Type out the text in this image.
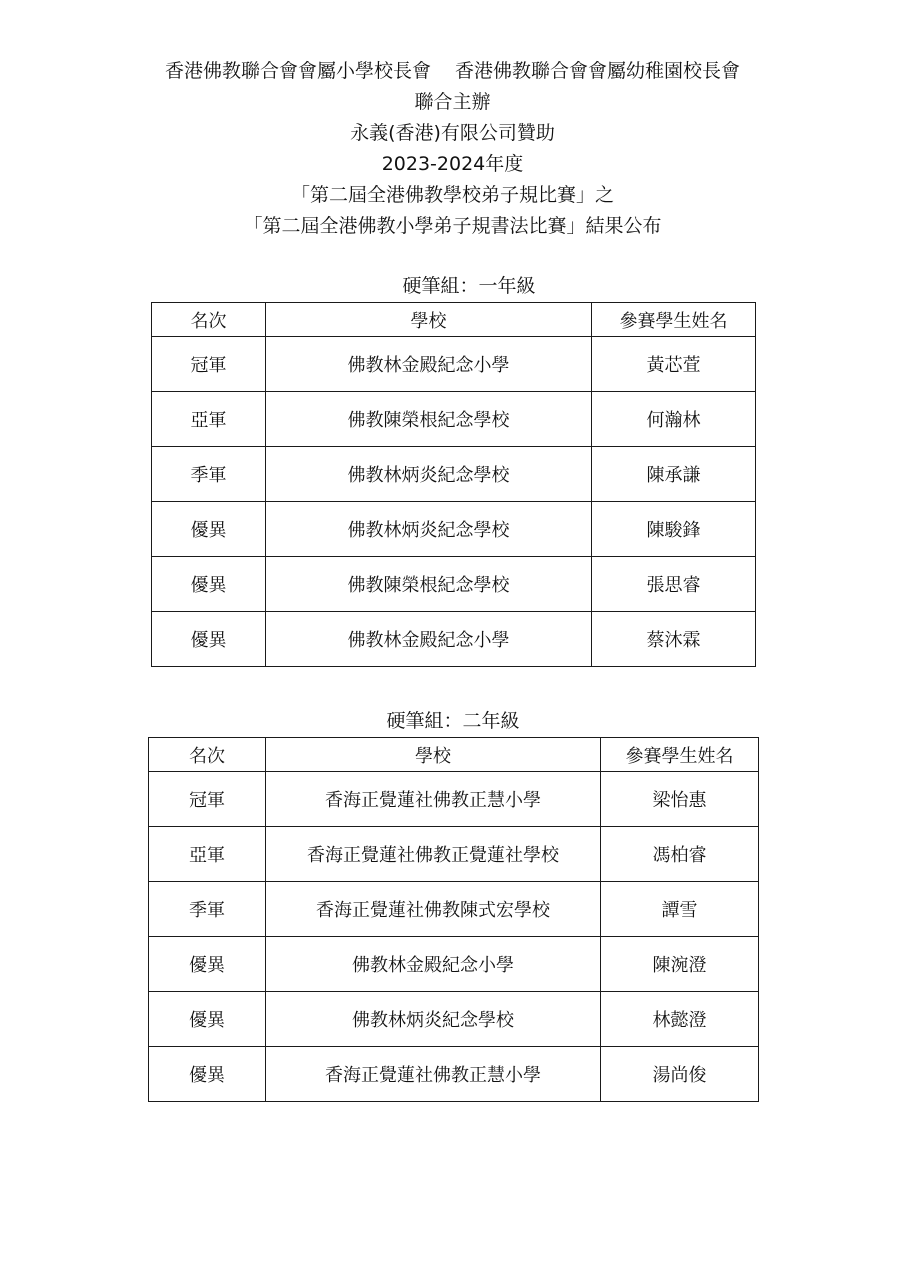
香港佛教聯合會會屬小學校長會 香港佛教聯合會會屬幼稚園校長會
聯合主辦
永義(香港)有限公司贊助
2023-2024年度
「第二屆全港佛教學校弟子規比賽」之
「第二屆全港佛教小學弟子規書法比賽」結果公布
硬筆組：一年級
名次	學校	參賽學生姓名
冠軍	佛教林金殿紀念小學	黃芯萓
亞軍	佛教陳榮根紀念學校	何瀚林
季軍	佛教林炳炎紀念學校	陳承謙
優異	佛教林炳炎紀念學校	陳駿鋒
優異	佛教陳榮根紀念學校	張思睿
優異	佛教林金殿紀念小學	蔡沐霖
硬筆組：二年級
名次	學校	參賽學生姓名
冠軍	香海正覺蓮社佛教正慧小學	梁怡惠
亞軍	香海正覺蓮社佛教正覺蓮社學校	馮柏睿
季軍	香海正覺蓮社佛教陳式宏學校	譚雪
優異	佛教林金殿紀念小學	陳涴澄
優異	佛教林炳炎紀念學校	林懿澄
優異	香海正覺蓮社佛教正慧小學	湯尚俊
